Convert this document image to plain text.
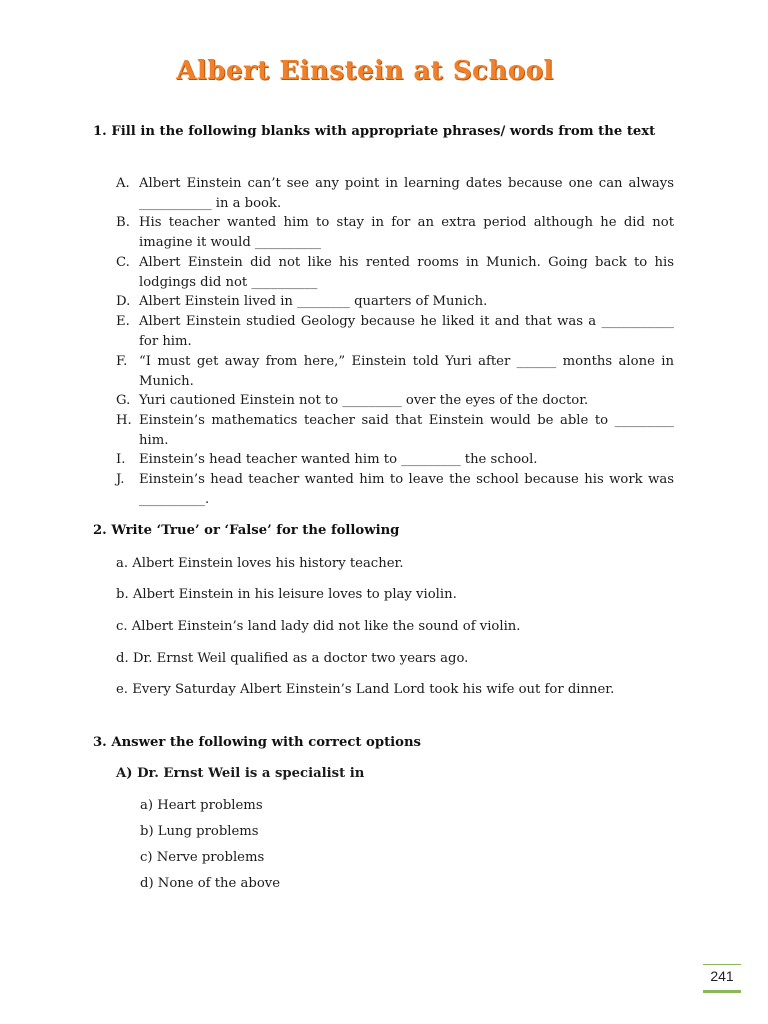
Albert Einstein at School
1. Fill in the following blanks with appropriate phrases/ words from the text
A. Albert Einstein can’t see any point in learning dates because one can always ___________ in a book.
B. His teacher wanted him to stay in for an extra period although he did not imagine it would __________
C. Albert Einstein did not like his rented rooms in Munich. Going back to his lodgings did not __________
D. Albert Einstein lived in ________ quarters of Munich.
E. Albert Einstein studied Geology because he liked it and that was a ___________ for him.
F. “I must get away from here,” Einstein told Yuri after ______ months alone in Munich.
G. Yuri cautioned Einstein not to _________ over the eyes of the doctor.
H. Einstein’s mathematics teacher said that Einstein would be able to _________ him.
I. Einstein’s head teacher wanted him to _________ the school.
J. Einstein’s head teacher wanted him to leave the school because his work was __________.
2. Write ‘True’ or ‘False’ for the following
a. Albert Einstein loves his history teacher.
b. Albert Einstein in his leisure loves to play violin.
c. Albert Einstein’s land lady did not like the sound of violin.
d. Dr. Ernst Weil qualified as a doctor two years ago.
e. Every Saturday Albert Einstein’s Land Lord took his wife out for dinner.
3. Answer the following with correct options
A) Dr. Ernst Weil is a specialist in
a) Heart problems
b) Lung problems
c) Nerve problems
d) None of the above
241
